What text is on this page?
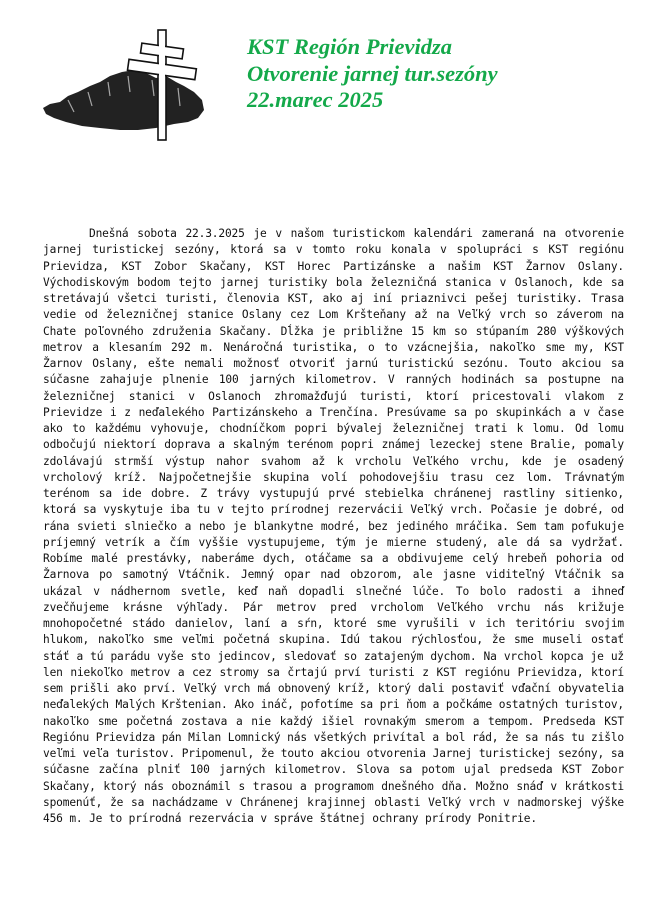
KST Región Prievidza
Otvorenie jarnej tur.sezóny
22.marec 2025
Dnešná sobota 22.3.2025 je v našom turistickom kalendári zameraná na otvorenie jarnej turistickej sezóny, ktorá sa v tomto roku konala v spolupráci s KST regiónu Prievidza, KST Zobor Skačany, KST Horec Partizánske a našim KST Žarnov Oslany. Východiskovým bodom tejto jarnej turistiky bola železničná stanica v Oslanoch, kde sa stretávajú všetci turisti, členovia KST, ako aj iní priaznivci pešej turistiky. Trasa vedie od železničnej stanice Oslany cez Lom Kršteňany až na Veľký vrch so záverom na Chate poľovného združenia Skačany. Dĺžka je približne 15 km so stúpaním 280 výškových metrov a klesaním 292 m. Nenáročná turistika, o to vzácnejšia, nakoľko sme my, KST Žarnov Oslany, ešte nemali možnosť otvoriť jarnú turistickú sezónu. Touto akciou sa súčasne zahajuje plnenie 100 jarných kilometrov. V ranných hodinách sa postupne na železničnej stanici v Oslanoch zhromažďujú turisti, ktorí pricestovali vlakom z Prievidze i z neďalekého Partizánskeho a Trenčína. Presúvame sa po skupinkách a v čase ako to každému vyhovuje, chodníčkom popri bývalej železničnej trati k lomu. Od lomu odbočujú niektorí doprava a skalným terénom popri známej lezeckej stene Bralie, pomaly zdolávajú strmší výstup nahor svahom až k vrcholu Veľkého vrchu, kde je osadený vrcholový kríž. Najpočetnejšie skupina volí pohodovejšiu trasu cez lom. Trávnatým terénom sa ide dobre. Z trávy vystupujú prvé stebielka chránenej rastliny sitienko, ktorá sa vyskytuje iba tu v tejto prírodnej rezervácii Veľký vrch. Počasie je dobré, od rána svieti slniečko a nebo je blankytne modré, bez jediného mráčika. Sem tam pofukuje príjemný vetrík a čím vyššie vystupujeme, tým je mierne studený, ale dá sa vydržať. Robíme malé prestávky, naberáme dych, otáčame sa a obdivujeme celý hrebeň pohoria od Žarnova po samotný Vtáčnik. Jemný opar nad obzorom, ale jasne viditeľný Vtáčnik sa ukázal v nádhernom svetle, keď naň dopadli slnečné lúče. To bolo radosti a ihneď zvečňujeme krásne výhľady. Pár metrov pred vrcholom Veľkého vrchu nás križuje mnohopočetné stádo danielov, laní a sŕn, ktoré sme vyrušili v ich teritóriu svojim hlukom, nakoľko sme veľmi početná skupina. Idú takou rýchlosťou, že sme museli ostať stáť a tú parádu vyše sto jedincov, sledovať so zatajeným dychom. Na vrchol kopca je už len niekoľko metrov a cez stromy sa črtajú prví turisti z KST regiónu Prievidza, ktorí sem prišli ako prví. Veľký vrch má obnovený kríž, ktorý dali postaviť vďační obyvatelia neďalekých Malých Krštenian. Ako ináč, pofotíme sa pri ňom a počkáme ostatných turistov, nakoľko sme početná zostava a nie každý išiel rovnakým smerom a tempom. Predseda KST Regiónu Prievidza pán Milan Lomnický nás všetkých privítal a bol rád, že sa nás tu zišlo veľmi veľa turistov. Pripomenul, že touto akciou otvorenia Jarnej turistickej sezóny, sa súčasne začína plniť 100 jarných kilometrov. Slova sa potom ujal predseda KST Zobor Skačany, ktorý nás oboznámil s trasou a programom dnešného dňa. Možno snáď v krátkosti spomenúť, že sa nachádzame v Chránenej krajinnej oblasti Veľký vrch v nadmorskej výške 456 m. Je to prírodná rezervácia v správe štátnej ochrany prírody Ponitrie.
